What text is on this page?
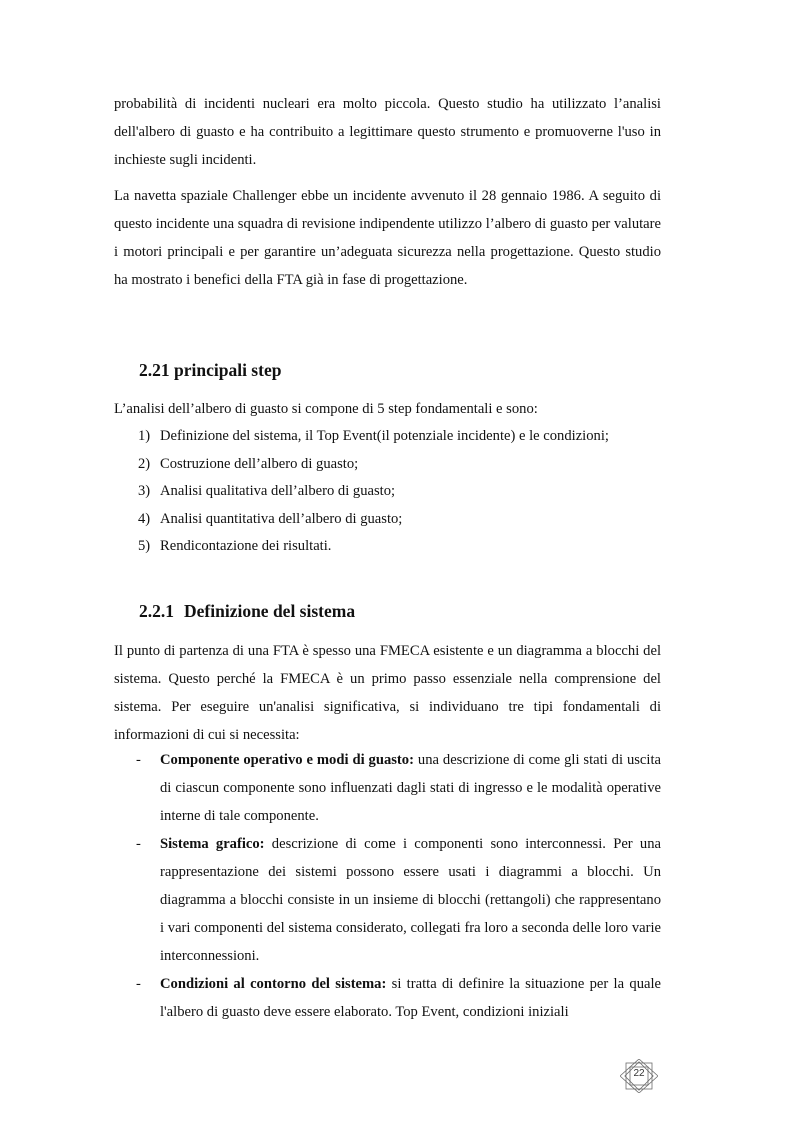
probabilità di incidenti nucleari era molto piccola. Questo studio ha utilizzato l’analisi dell'albero di guasto e ha contribuito a legittimare questo strumento e promuoverne l'uso in inchieste sugli incidenti.

La navetta spaziale Challenger ebbe un incidente avvenuto il 28 gennaio 1986. A seguito di questo incidente una squadra di revisione indipendente utilizzo l’albero di guasto per valutare i motori principali e per garantire un’adeguata sicurezza nella progettazione. Questo studio ha mostrato i benefici della FTA già in fase di progettazione.

2.21 principali step
L’analisi dell’albero di guasto si compone di 5 step fondamentali e sono:
1) Definizione del sistema, il Top Event(il potenziale incidente) e le condizioni;
2) Costruzione dell’albero di guasto;
3) Analisi qualitativa dell’albero di guasto;
4) Analisi quantitativa dell’albero di guasto;
5) Rendicontazione dei risultati.
2.2.1 Definizione del sistema

Il punto di partenza di una FTA è spesso una FMECA esistente e un diagramma a blocchi del sistema. Questo perché la FMECA è un primo passo essenziale nella comprensione del sistema. Per eseguire un'analisi significativa, si individuano tre tipi fondamentali di informazioni di cui si necessita:

-	Componente operativo e modi di guasto: una descrizione di come gli stati di uscita di ciascun componente sono influenzati dagli stati di ingresso e le modalità operative interne di tale componente.
-	Sistema grafico: descrizione di come i componenti sono interconnessi. Per una rappresentazione dei sistemi possono essere usati i diagrammi a blocchi. Un diagramma a blocchi consiste in un insieme di blocchi (rettangoli) che rappresentano i vari componenti del sistema considerato, collegati fra loro a seconda delle loro varie interconnessioni.
-	Condizioni al contorno del sistema: si tratta di definire la situazione per la quale l'albero di guasto deve essere elaborato. Top Event, condizioni iniziali
22
